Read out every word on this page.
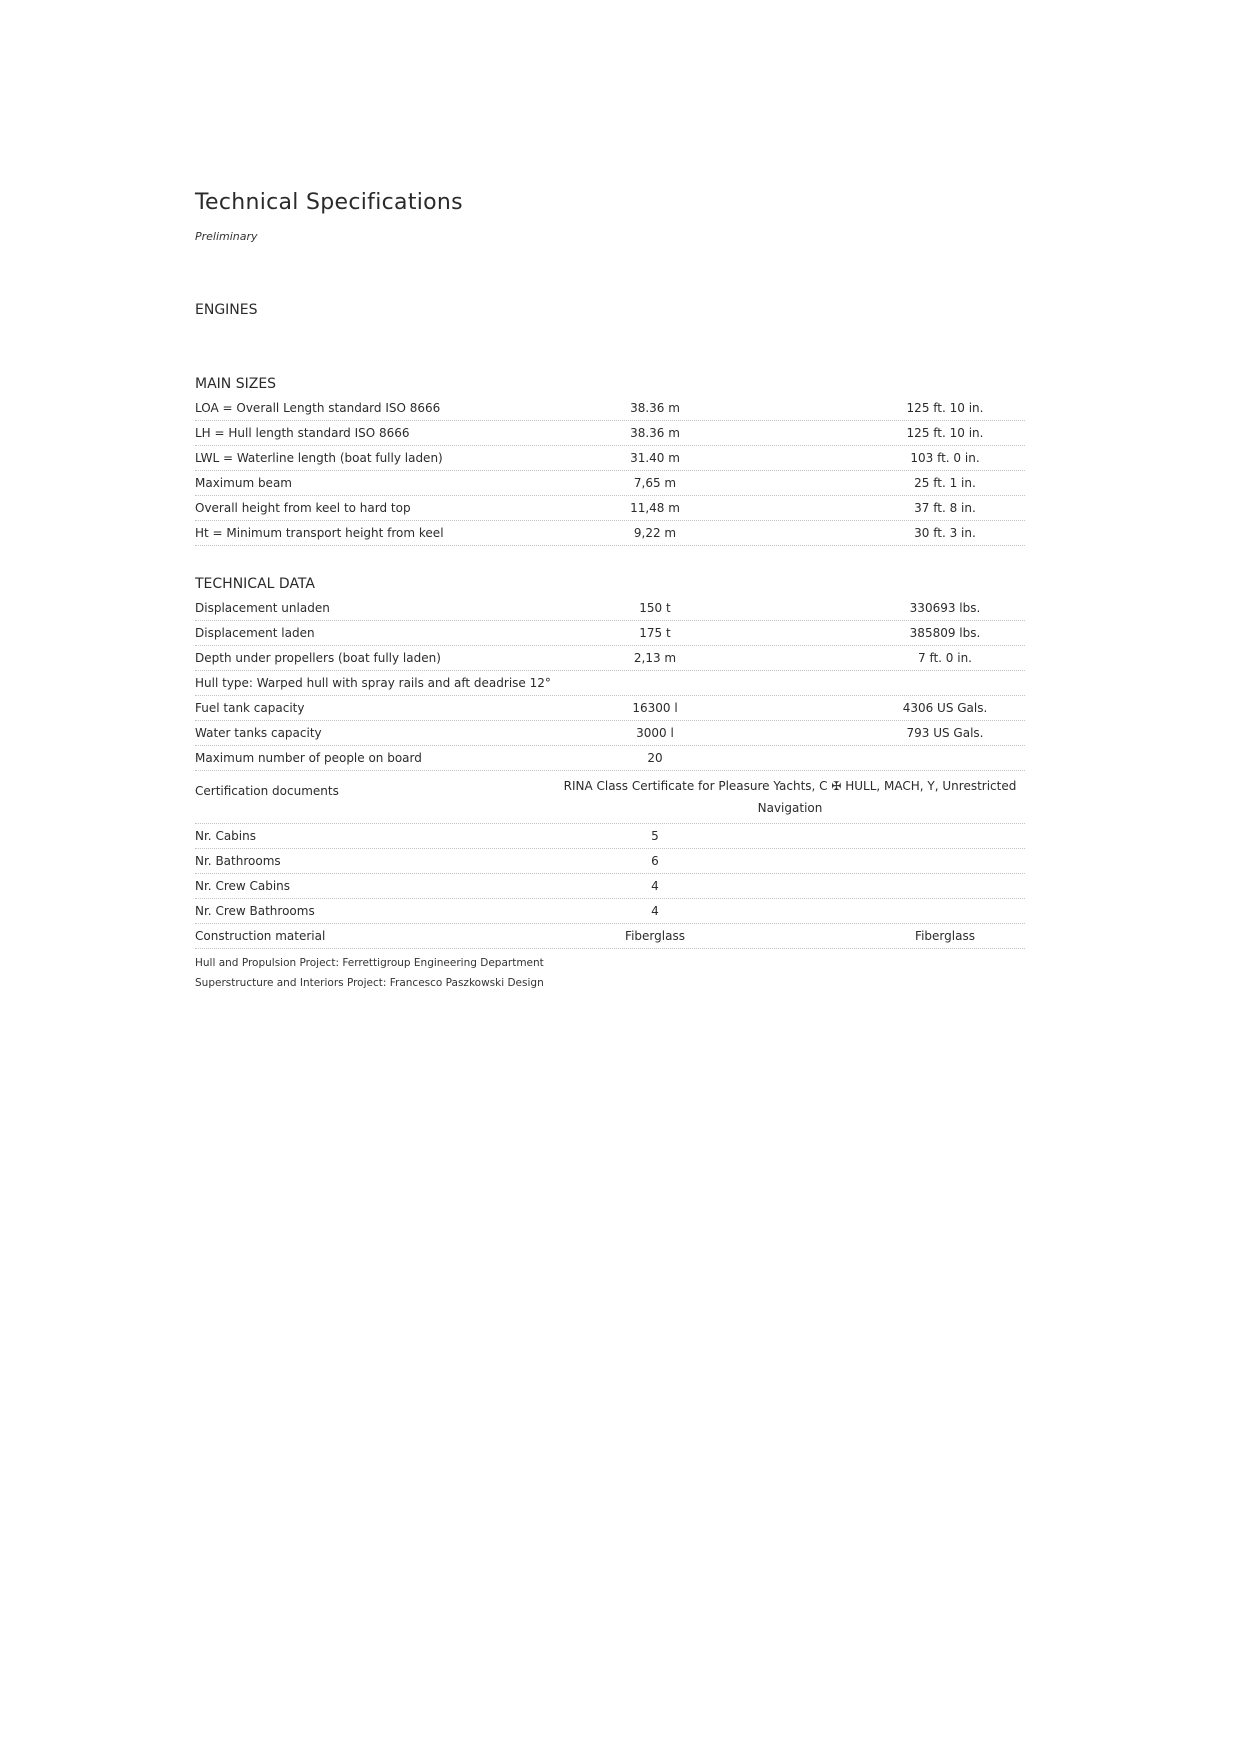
Technical Specifications
Preliminary
ENGINES
MAIN SIZES
LOA = Overall Length standard ISO 8666	38.36 m	125 ft. 10 in.
LH = Hull length standard ISO 8666	38.36 m	125 ft. 10 in.
LWL = Waterline length (boat fully laden)	31.40 m	103 ft. 0 in.
Maximum beam	7,65 m	25 ft. 1 in.
Overall height from keel to hard top	11,48 m	37 ft. 8 in.
Ht = Minimum transport height from keel	9,22 m	30 ft. 3 in.
TECHNICAL DATA
Displacement unladen	150 t	330693 lbs.
Displacement laden	175 t	385809 lbs.
Depth under propellers (boat fully laden)	2,13 m	7 ft. 0 in.
Hull type: Warped hull with spray rails and aft deadrise 12°
Fuel tank capacity	16300 l	4306 US Gals.
Water tanks capacity	3000 l	793 US Gals.
Maximum number of people on board	20
Certification documents	RINA Class Certificate for Pleasure Yachts, C ✠ HULL, MACH, Y, Unrestricted Navigation
Nr. Cabins	5
Nr. Bathrooms	6
Nr. Crew Cabins	4
Nr. Crew Bathrooms	4
Construction material	Fiberglass	Fiberglass
Hull and Propulsion Project: Ferrettigroup Engineering Department
Superstructure and Interiors Project: Francesco Paszkowski Design
